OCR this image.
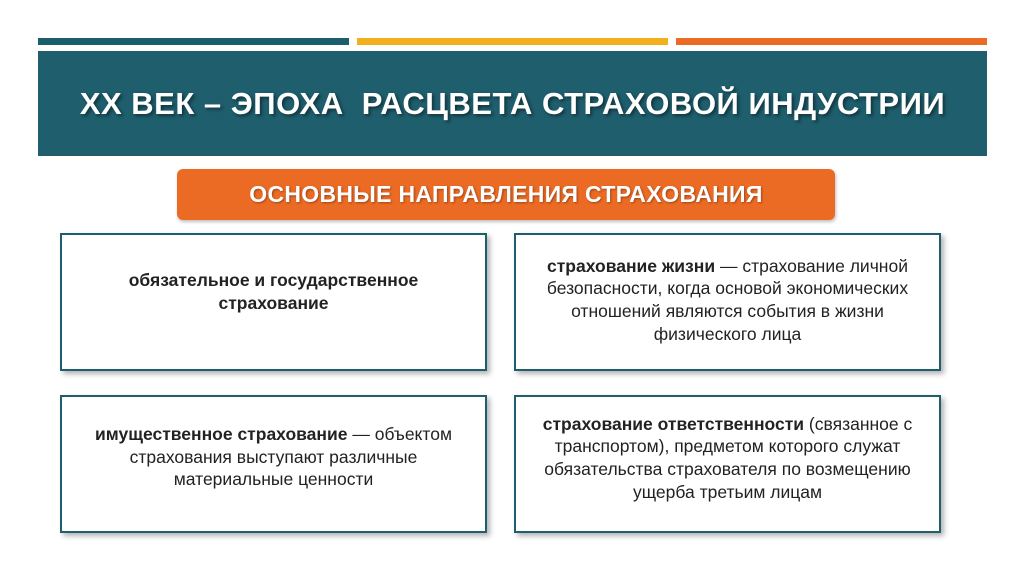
XX ВЕК – ЭПОХА  РАСЦВЕТА СТРАХОВОЙ ИНДУСТРИИ
ОСНОВНЫЕ НАПРАВЛЕНИЯ СТРАХОВАНИЯ

обязательное и государственное страхование

страхование жизни — страхование личной безопасности, когда основой экономических отношений являются события в жизни физического лица

имущественное страхование — объектом страхования выступают различные материальные ценности

страхование ответственности (связанное с транспортом), предметом которого служат обязательства страхователя по возмещению ущерба третьим лицам
